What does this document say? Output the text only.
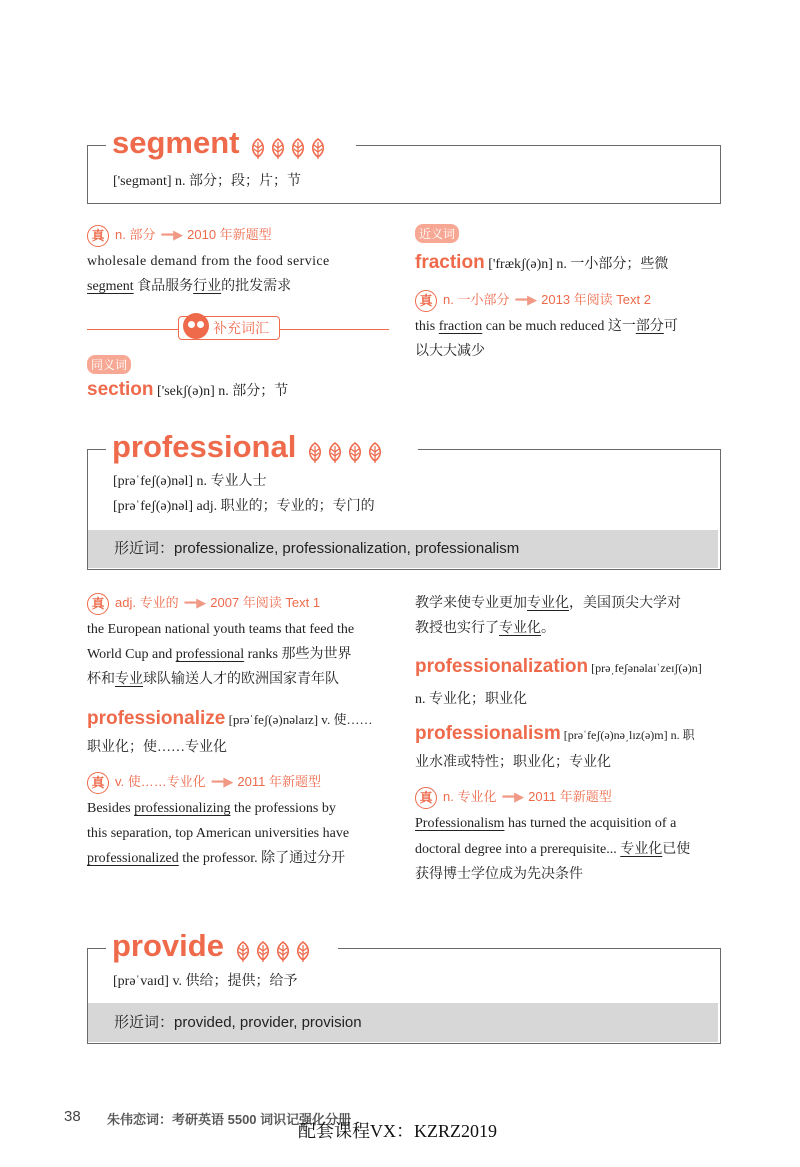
segment
['segmənt] n. 部分；段；片；节
真 n. 部分 ━━▶ 2010 年新题型
wholesale demand from the food service
segment 食品服务行业的批发需求
补充词汇
同义词
section ['sekʃ(ə)n] n. 部分；节
近义词
fraction ['frækʃ(ə)n] n. 一小部分；些微
真 n. 一小部分 ━━▶ 2013 年阅读 Text 2
this fraction can be much reduced 这一部分可
以大大减少
professional
[prəˈfeʃ(ə)nəl] n. 专业人士
[prəˈfeʃ(ə)nəl] adj. 职业的；专业的；专门的
形近词：professionalize, professionalization, professionalism
真 adj. 专业的 ━━▶ 2007 年阅读 Text 1
the European national youth teams that feed the
World Cup and professional ranks 那些为世界
杯和专业球队输送人才的欧洲国家青年队
professionalize [prəˈfeʃ(ə)nəlaɪz] v. 使……
职业化；使……专业化
真 v. 使……专业化 ━━▶ 2011 年新题型
Besides professionalizing the professions by
this separation, top American universities have
professionalized the professor. 除了通过分开
教学来使专业更加专业化，美国顶尖大学对
教授也实行了专业化。
professionalization [prə͵feʃənəlaɪˈzeɪʃ(ə)n]
n. 专业化；职业化
professionalism [prəˈfeʃ(ə)nə͵lɪz(ə)m] n. 职
业水准或特性；职业化；专业化
真 n. 专业化 ━━▶ 2011 年新题型
Professionalism has turned the acquisition of a
doctoral degree into a prerequisite... 专业化已使
获得博士学位成为先决条件
provide
[prəˈvaɪd] v. 供给；提供；给予
形近词：provided, provider, provision
38 朱伟恋词：考研英语 5500 词识记强化分册
配套课程VX：KZRZ2019
